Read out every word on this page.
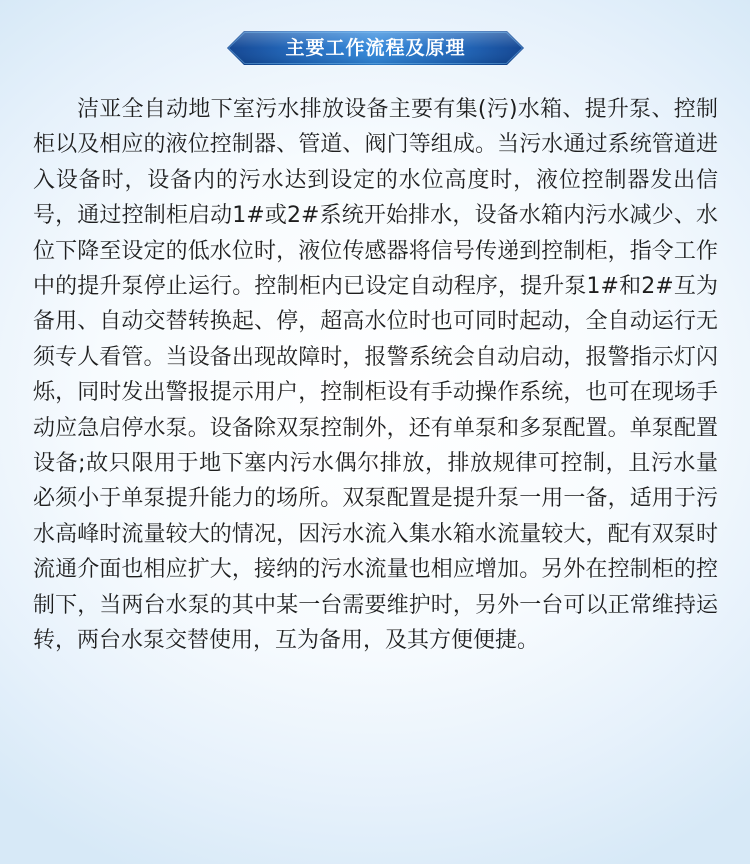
主要工作流程及原理

洁亚全自动地下室污水排放设备主要有集(污)水箱、提升泵、控制柜以及相应的液位控制器、管道、阀门等组成。当污水通过系统管道进入设备时，设备内的污水达到设定的水位高度时，液位控制器发出信号，通过控制柜启动1#或2#系统开始排水，设备水箱内污水减少、水位下降至设定的低水位时，液位传感器将信号传递到控制柜，指令工作中的提升泵停止运行。控制柜内已设定自动程序，提升泵1#和2#互为备用、自动交替转换起、停，超高水位时也可同时起动，全自动运行无须专人看管。当设备出现故障时，报警系统会自动启动，报警指示灯闪烁，同时发出警报提示用户，控制柜设有手动操作系统，也可在现场手动应急启停水泵。设备除双泵控制外，还有单泵和多泵配置。单泵配置设备;故只限用于地下塞内污水偶尔排放，排放规律可控制，且污水量必须小于单泵提升能力的场所。双泵配置是提升泵一用一备，适用于污水高峰时流量较大的情况，因污水流入集水箱水流量较大，配有双泵时流通介面也相应扩大，接纳的污水流量也相应增加。另外在控制柜的控制下，当两台水泵的其中某一台需要维护时，另外一台可以正常维持运转，两台水泵交替使用，互为备用，及其方便便捷。
